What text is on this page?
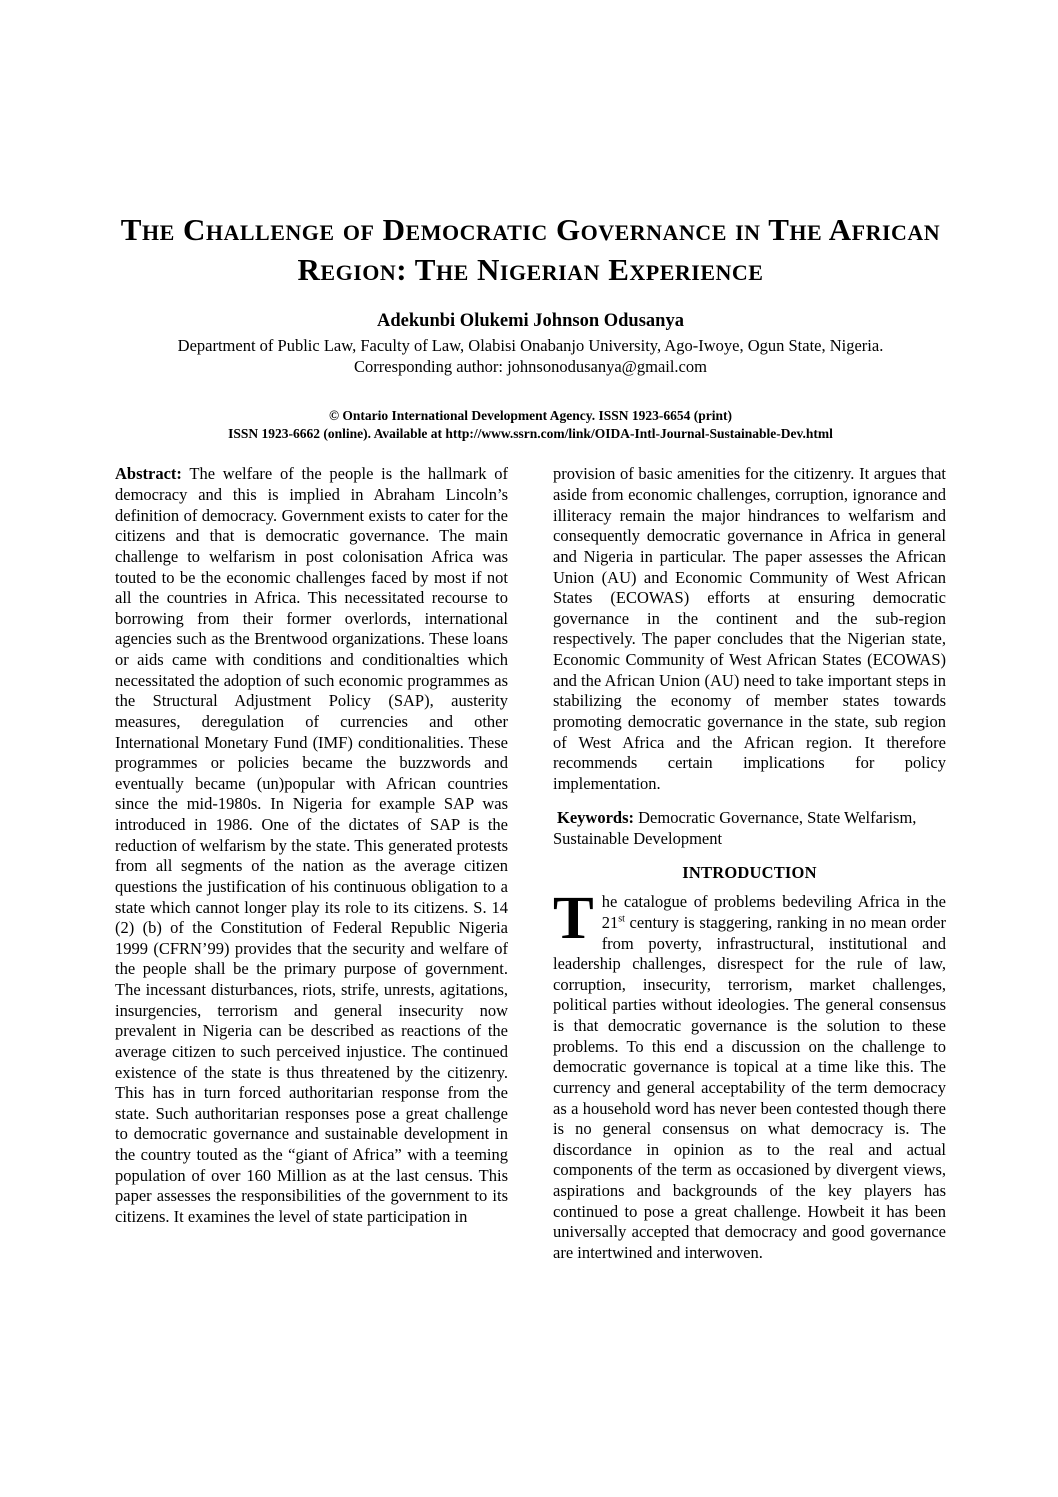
The Challenge of Democratic Governance in The African Region: The Nigerian Experience

Adekunbi Olukemi Johnson Odusanya

Department of Public Law, Faculty of Law, Olabisi Onabanjo University, Ago-Iwoye, Ogun State, Nigeria.

Corresponding author: johnsonodusanya@gmail.com

© Ontario International Development Agency. ISSN 1923-6654 (print)
ISSN 1923-6662 (online). Available at http://www.ssrn.com/link/OIDA-Intl-Journal-Sustainable-Dev.html

Abstract: The welfare of the people is the hallmark of democracy and this is implied in Abraham Lincoln’s definition of democracy. Government exists to cater for the citizens and that is democratic governance. The main challenge to welfarism in post colonisation Africa was touted to be the economic challenges faced by most if not all the countries in Africa. This necessitated recourse to borrowing from their former overlords, international agencies such as the Brentwood organizations. These loans or aids came with conditions and conditionalties which necessitated the adoption of such economic programmes as the Structural Adjustment Policy (SAP), austerity measures, deregulation of currencies and other International Monetary Fund (IMF) conditionalities. These programmes or policies became the buzzwords and eventually became (un)popular with African countries since the mid-1980s. In Nigeria for example SAP was introduced in 1986. One of the dictates of SAP is the reduction of welfarism by the state. This generated protests from all segments of the nation as the average citizen questions the justification of his continuous obligation to a state which cannot longer play its role to its citizens. S. 14 (2) (b) of the Constitution of Federal Republic Nigeria 1999 (CFRN’99) provides that the security and welfare of the people shall be the primary purpose of government. The incessant disturbances, riots, strife, unrests, agitations, insurgencies, terrorism and general insecurity now prevalent in Nigeria can be described as reactions of the average citizen to such perceived injustice. The continued existence of the state is thus threatened by the citizenry. This has in turn forced authoritarian response from the state. Such authoritarian responses pose a great challenge to democratic governance and sustainable development in the country touted as the “giant of Africa” with a teeming population of over 160 Million as at the last census. This paper assesses the responsibilities of the government to its citizens. It examines the level of state participation in

provision of basic amenities for the citizenry. It argues that aside from economic challenges, corruption, ignorance and illiteracy remain the major hindrances to welfarism and consequently democratic governance in Africa in general and Nigeria in particular. The paper assesses the African Union (AU) and Economic Community of West African States (ECOWAS) efforts at ensuring democratic governance in the continent and the sub-region respectively. The paper concludes that the Nigerian state, Economic Community of West African States (ECOWAS) and the African Union (AU) need to take important steps in stabilizing the economy of member states towards promoting democratic governance in the state, sub region of West Africa and the African region. It therefore recommends certain implications for policy implementation.

Keywords: Democratic Governance, State Welfarism, Sustainable Development

INTRODUCTION

The catalogue of problems bedeviling Africa in the 21st century is staggering, ranking in no mean order from poverty, infrastructural, institutional and leadership challenges, disrespect for the rule of law, corruption, insecurity, terrorism, market challenges, political parties without ideologies. The general consensus is that democratic governance is the solution to these problems. To this end a discussion on the challenge to democratic governance is topical at a time like this. The currency and general acceptability of the term democracy as a household word has never been contested though there is no general consensus on what democracy is. The discordance in opinion as to the real and actual components of the term as occasioned by divergent views, aspirations and backgrounds of the key players has continued to pose a great challenge. Howbeit it has been universally accepted that democracy and good governance are intertwined and interwoven.
